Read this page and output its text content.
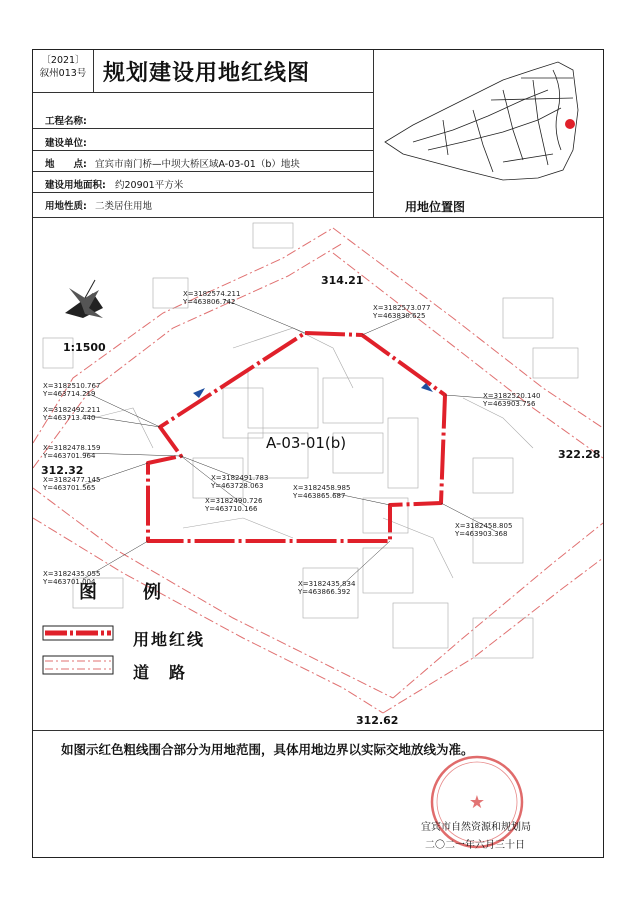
〔2021〕
叙州013号 规划建设用地红线图
工程名称:
建设单位:
地　　点: 宜宾市南门桥—中坝大桥区域A-03-01（b）地块
建设用地面积: 约20901平方米
用地性质: 二类居住用地	用地位置图
1:1500
A-03-01(b)
314.21
312.32
322.28
312.62
X=3182574.211
Y=463806.742
X=3182573.077
Y=463830.625
X=3182520.140
Y=463903.756
X=3182510.767
Y=463714.219
X=3182492.211
Y=463713.440
X=3182478.159
Y=463701.964
X=3182477.145
Y=463701.565
X=3182491.783
Y=463728.063
X=3182490.726
Y=463710.166
X=3182458.985
Y=463865.687
X=3182458.805
Y=463903.368
X=3182435.834
Y=463866.392
X=3182435.055
Y=463701.004
图　例
用地红线
道　路
如图示红色粗线围合部分为用地范围，具体用地边界以实际交地放线为准。
★
宜宾市自然资源和规划局
二〇二一年六月三十日
